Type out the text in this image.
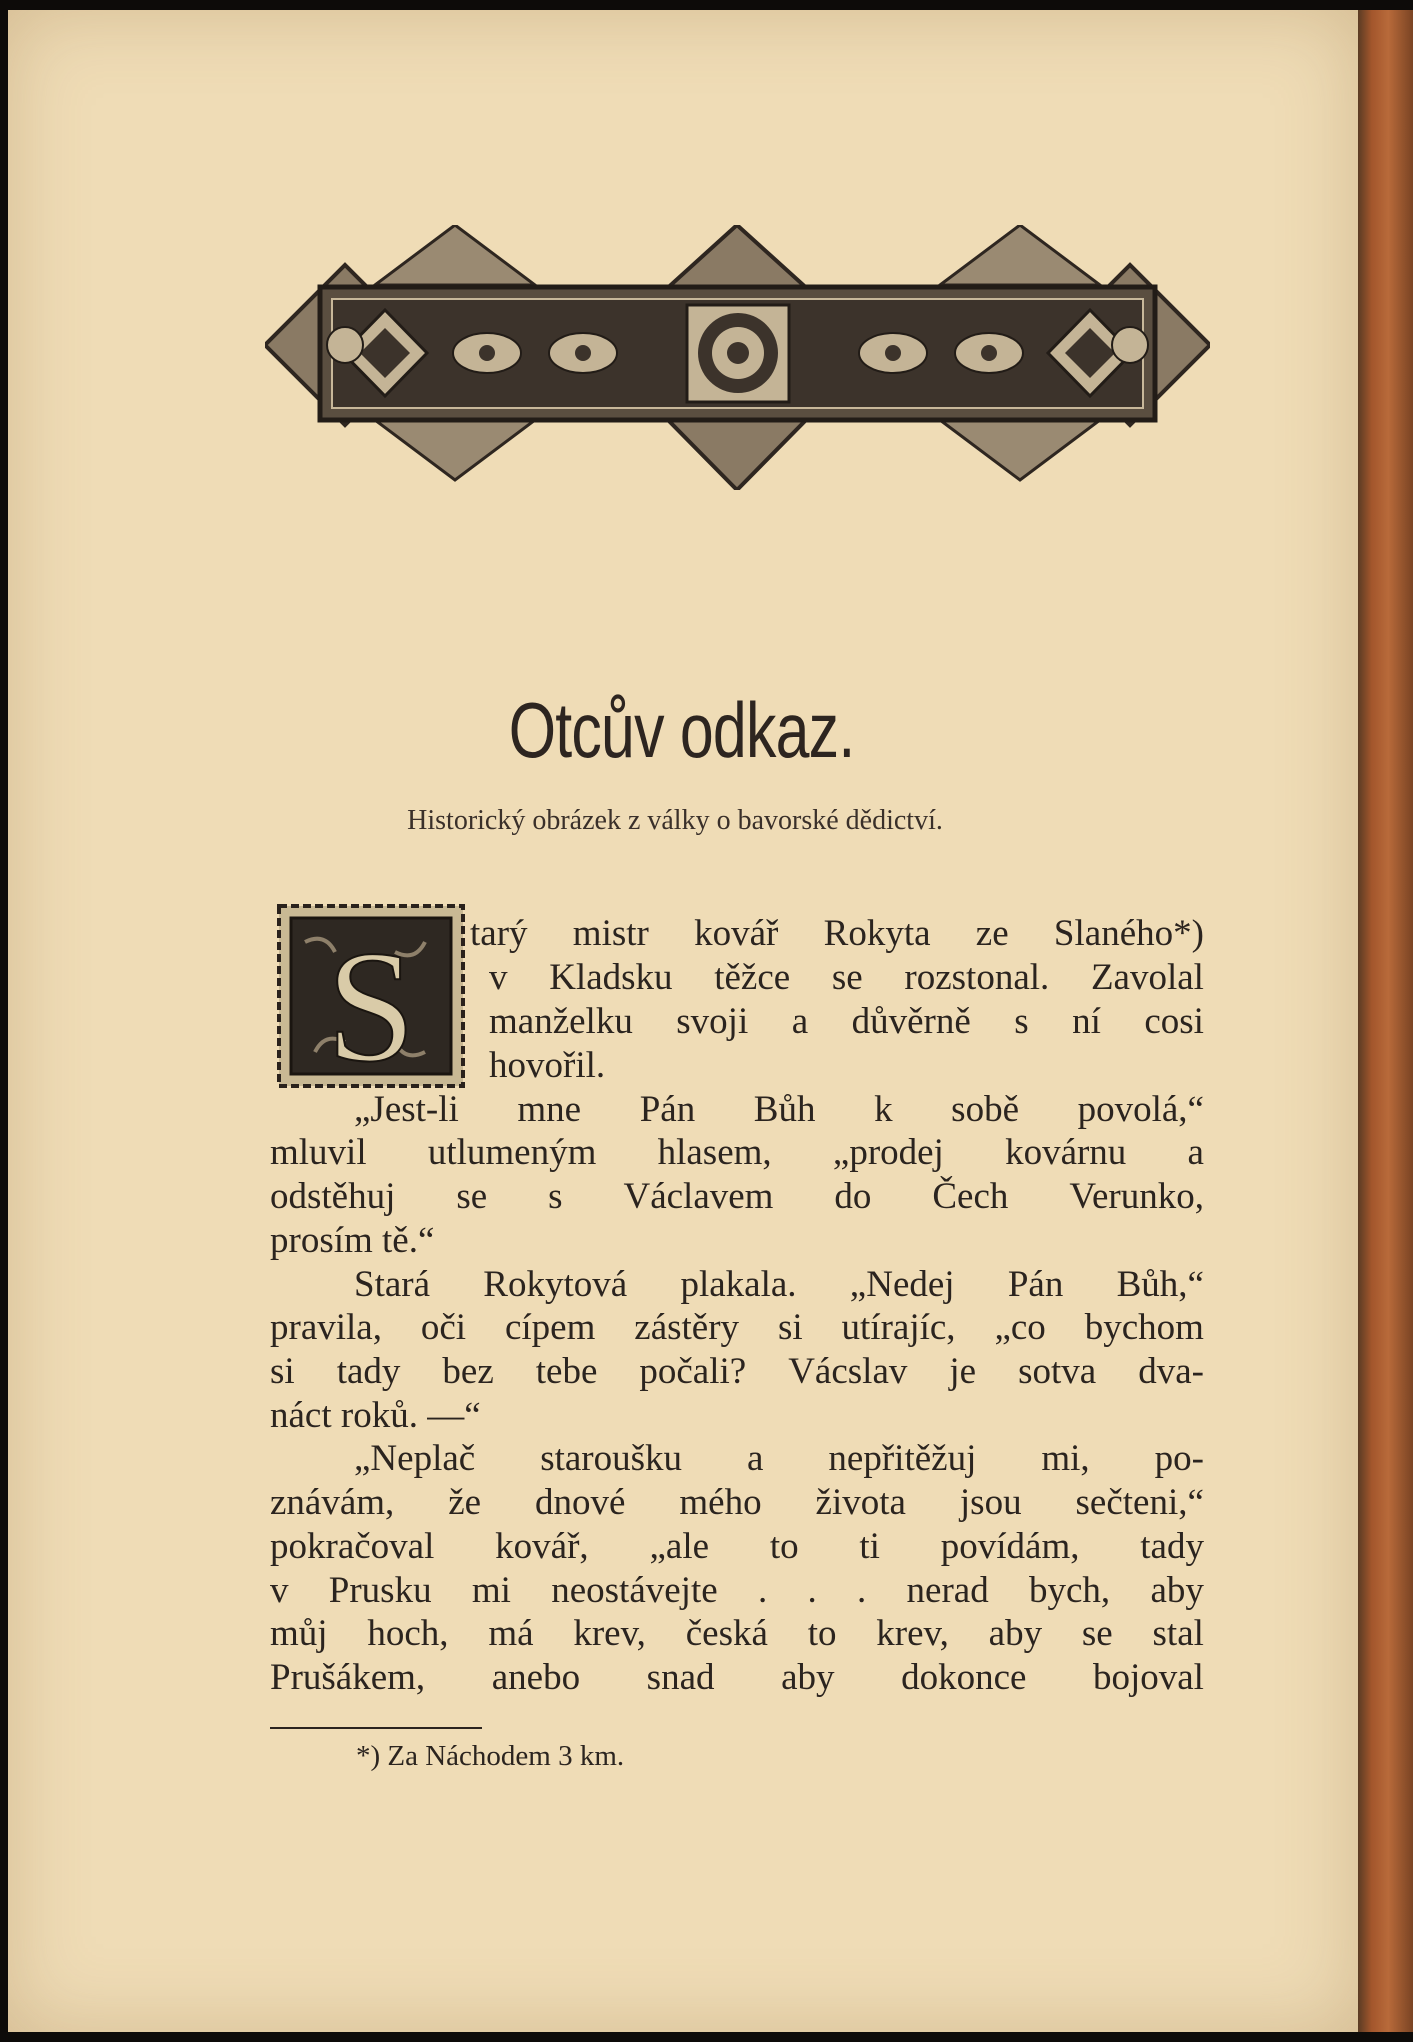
Otcův odkaz.
Historický obrázek z války o bavorské dědictví.
S tarý mistr kovář Rokyta ze Slaného*)
v Kladsku těžce se rozstonal. Zavolal
manželku svoji a důvěrně s ní cosi
hovořil.
„Jest-li mne Pán Bůh k sobě povolá,“
mluvil utlumeným hlasem, „prodej kovárnu a
odstěhuj se s Václavem do Čech Verunko,
prosím tě.“
Stará Rokytová plakala. „Nedej Pán Bůh,“
pravila, oči cípem zástěry si utírajíc, „co bychom
si tady bez tebe počali? Vácslav je sotva dva-
náct roků. —“
„Neplač staroušku a nepřitěžuj mi, po-
znávám, že dnové mého života jsou sečteni,“
pokračoval kovář, „ale to ti povídám, tady
v Prusku mi neostávejte . . . nerad bych, aby
můj hoch, má krev, česká to krev, aby se stal
Prušákem, anebo snad aby dokonce bojoval
*) Za Náchodem 3 km.
